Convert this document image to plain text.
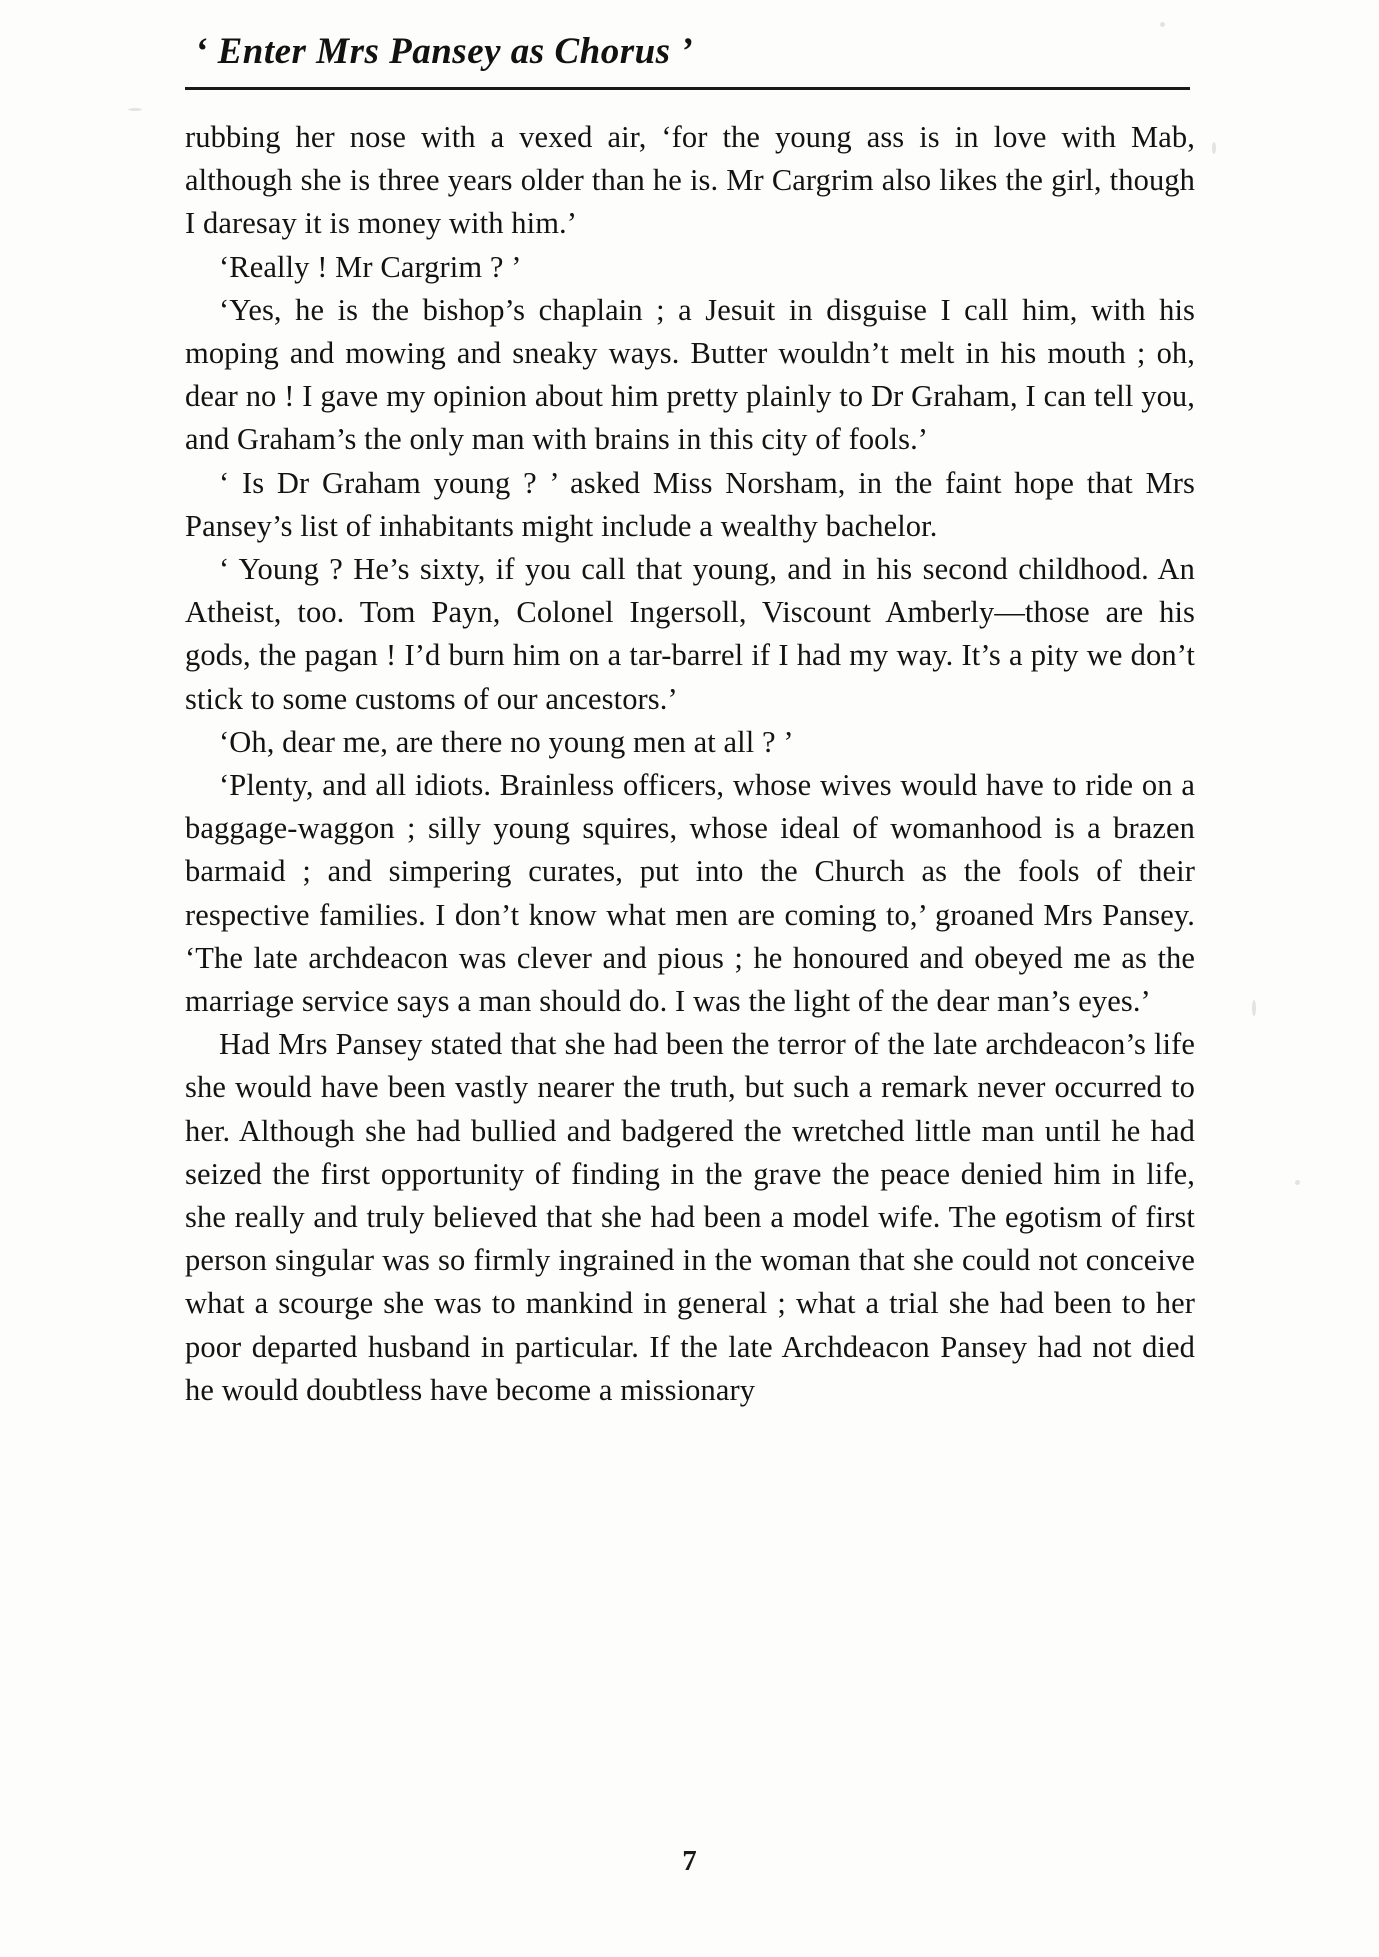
‘ Enter Mrs Pansey as Chorus ’

rubbing her nose with a vexed air, ‘for the young ass is in love with Mab, although she is three years older than he is. Mr Cargrim also likes the girl, though I daresay it is money with him.’

‘Really ! Mr Cargrim ? ’

‘Yes, he is the bishop’s chaplain ; a Jesuit in disguise I call him, with his moping and mowing and sneaky ways. Butter wouldn’t melt in his mouth ; oh, dear no ! I gave my opinion about him pretty plainly to Dr Graham, I can tell you, and Graham’s the only man with brains in this city of fools.’

‘ Is Dr Graham young ? ’ asked Miss Norsham, in the faint hope that Mrs Pansey’s list of inhabitants might include a wealthy bachelor.

‘ Young ? He’s sixty, if you call that young, and in his second childhood. An Atheist, too. Tom Payn, Colonel Ingersoll, Viscount Amberly—those are his gods, the pagan ! I’d burn him on a tar-barrel if I had my way. It’s a pity we don’t stick to some customs of our ancestors.’

‘Oh, dear me, are there no young men at all ? ’

‘Plenty, and all idiots. Brainless officers, whose wives would have to ride on a baggage-waggon ; silly young squires, whose ideal of womanhood is a brazen barmaid ; and simpering curates, put into the Church as the fools of their respective families. I don’t know what men are coming to,’ groaned Mrs Pansey. ‘The late archdeacon was clever and pious ; he honoured and obeyed me as the marriage service says a man should do. I was the light of the dear man’s eyes.’

Had Mrs Pansey stated that she had been the terror of the late archdeacon’s life she would have been vastly nearer the truth, but such a remark never occurred to her. Although she had bullied and badgered the wretched little man until he had seized the first opportunity of finding in the grave the peace denied him in life, she really and truly believed that she had been a model wife. The egotism of first person singular was so firmly ingrained in the woman that she could not conceive what a scourge she was to mankind in general ; what a trial she had been to her poor departed husband in particular. If the late Archdeacon Pansey had not died he would doubtless have become a missionary

7
